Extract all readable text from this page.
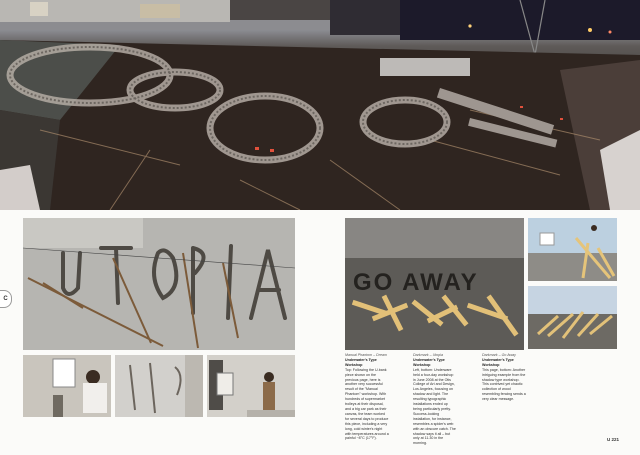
C
GO AWAY

Manual Phantom – Dream

Underwater's Type Workshop

Top: Following the U-bank piece shown on the previous page, here is another very successful result of the "Manual Phantom" workshop. With hundreds of supermarket trolleys at their disposal, and a big car park as their canvas, the team worked for several days to produce this piece, including a very long, cold winter's night with temperatures around a painful −8°C (17°F).

Darkmark – Utopia

Underwater's Type Workshop

Left, bottom: Underware held a four-day workshop in June 2008 at the Otis College of Art and Design, Los Angeles, focusing on shadow and light. The resulting typographic installations ended up being particularly pretty. Success-looking installation, for instance, resembles a spider's web with an obscure catch. The shadow says it all – but only at 11.30 in the morning.

Darkmark – Go Away

Underwater's Type Workshop

This page, bottom: Another intriguing example from the shadow type workshop. This contrived yet chaotic collection of wood resembling fencing sends a very clear message.

U 221
